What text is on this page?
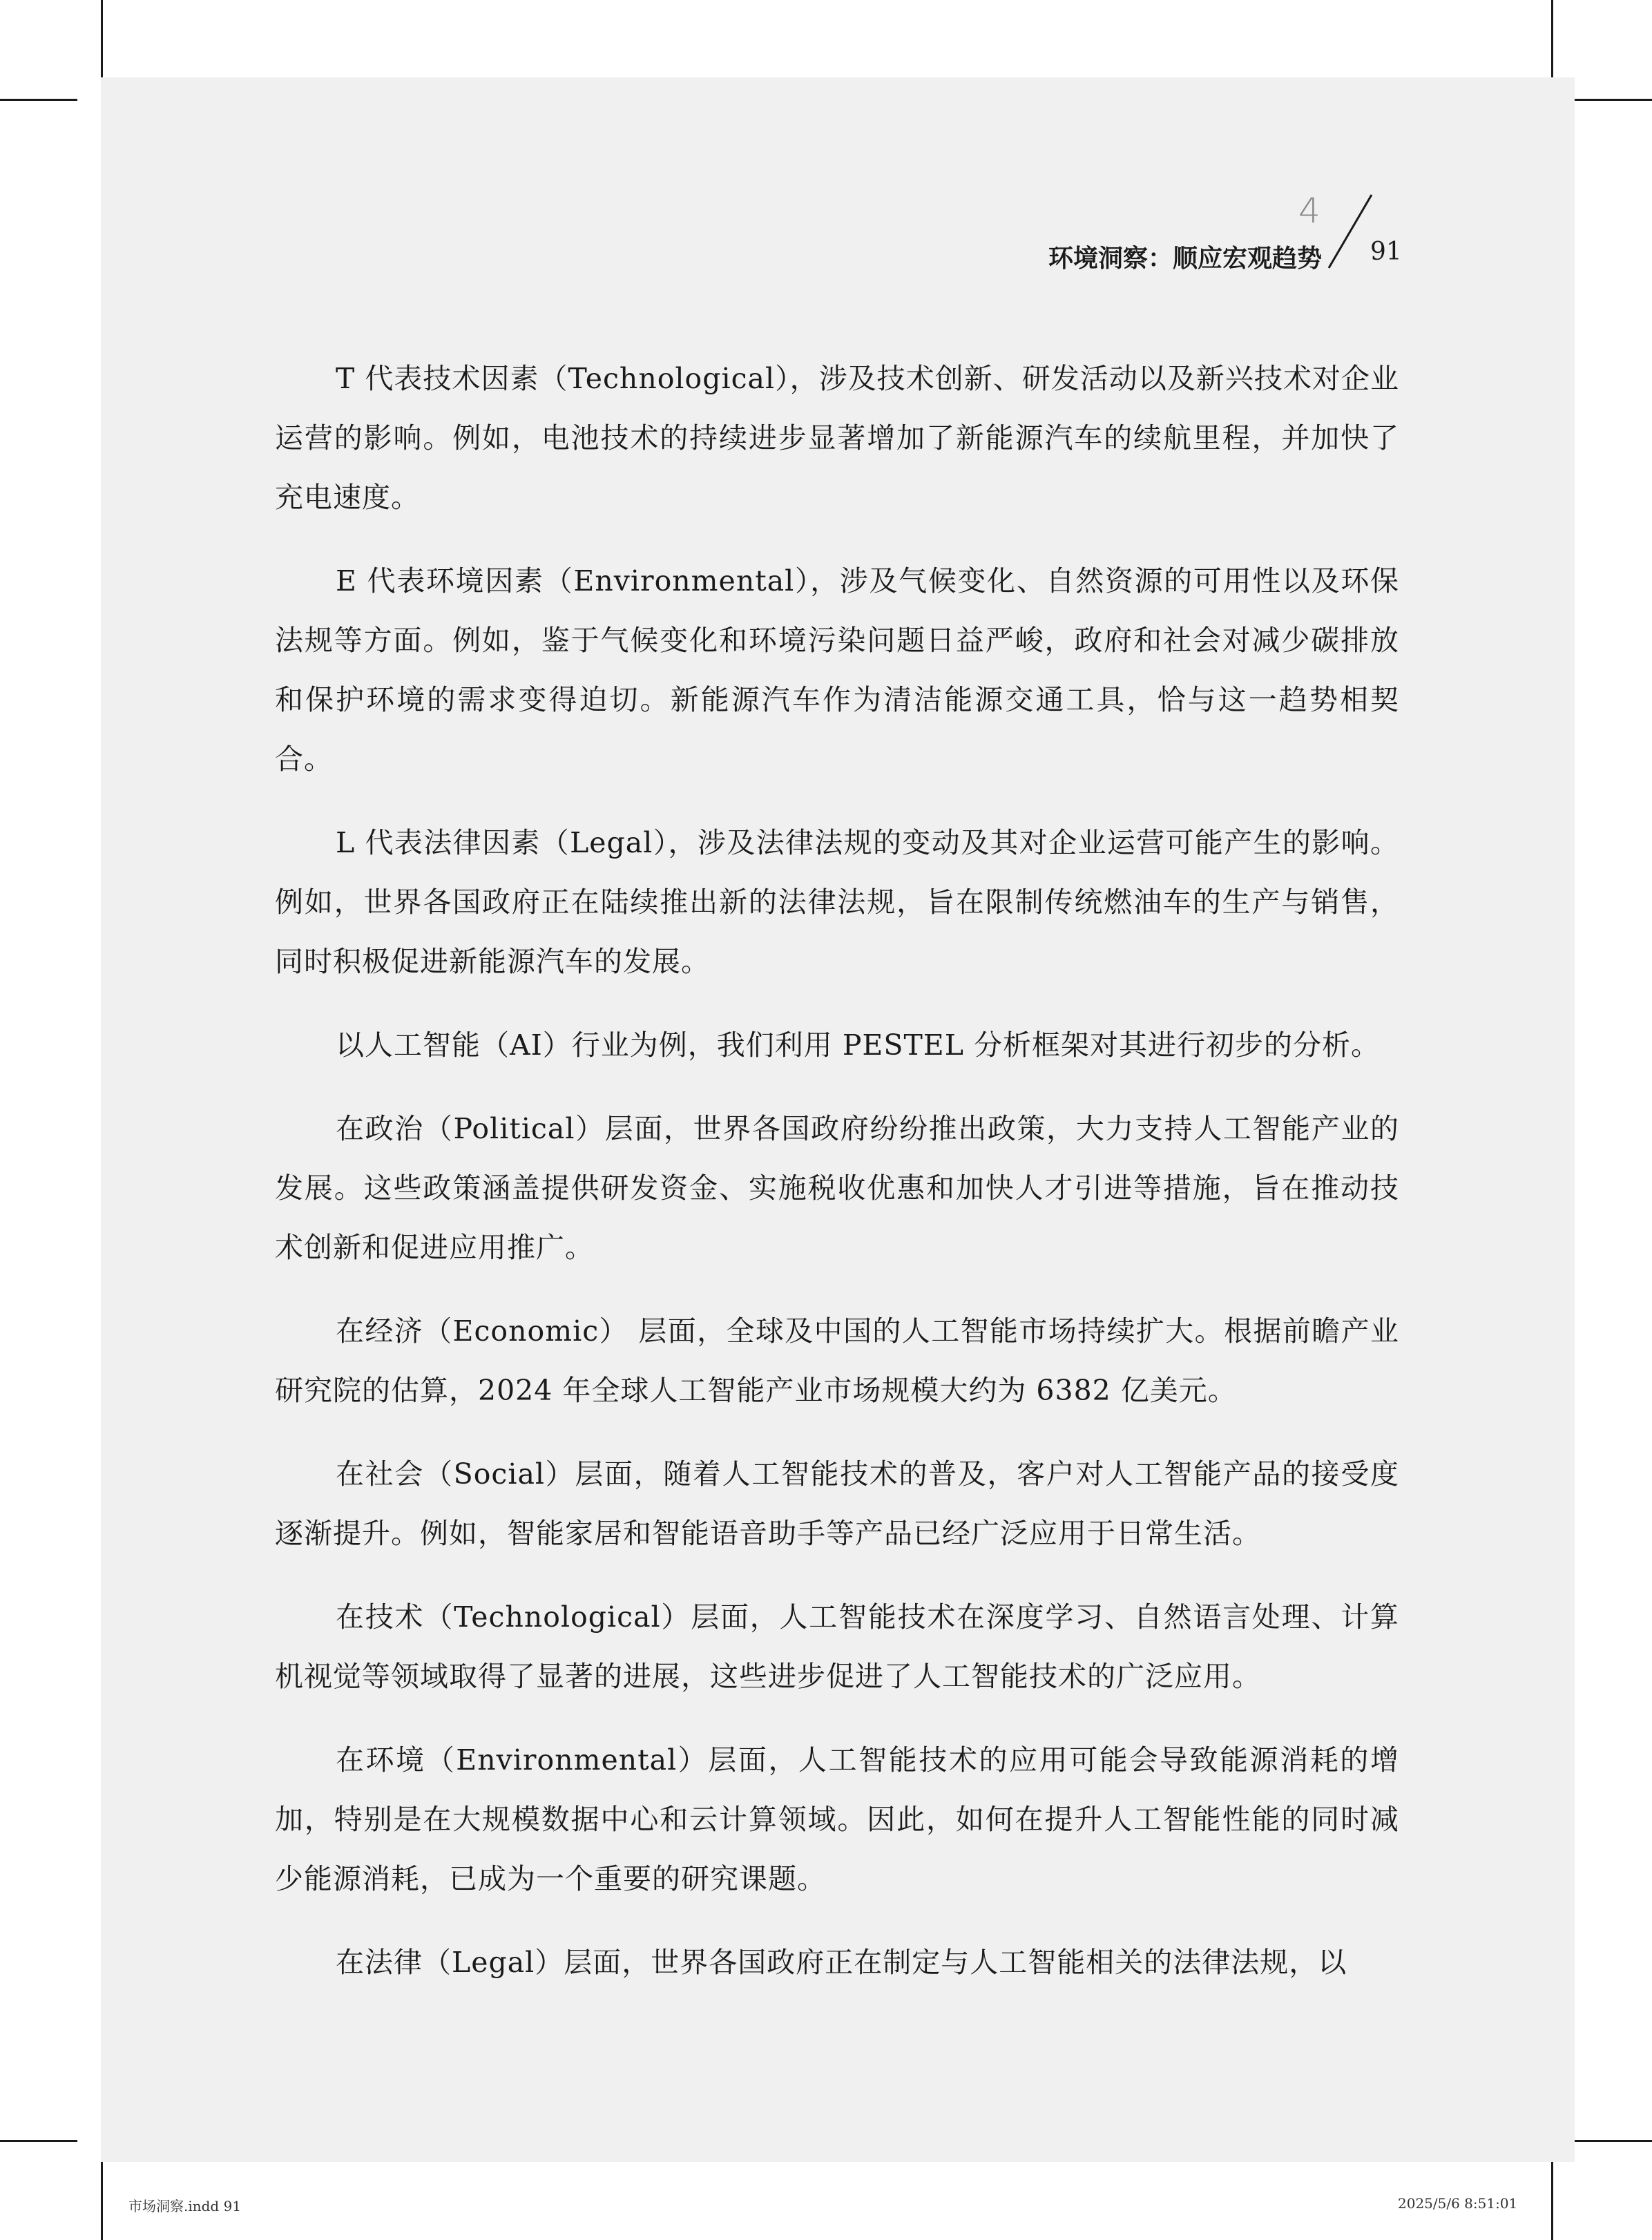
4
环境洞察：顺应宏观趋势 91

T 代表技术因素（Technological），涉及技术创新、研发活动以及新兴技术对企业运营的影响。例如，电池技术的持续进步显著增加了新能源汽车的续航里程，并加快了充电速度。

E 代表环境因素（Environmental），涉及气候变化、自然资源的可用性以及环保法规等方面。例如，鉴于气候变化和环境污染问题日益严峻，政府和社会对减少碳排放和保护环境的需求变得迫切。新能源汽车作为清洁能源交通工具，恰与这一趋势相契合。

L 代表法律因素（Legal），涉及法律法规的变动及其对企业运营可能产生的影响。例如，世界各国政府正在陆续推出新的法律法规，旨在限制传统燃油车的生产与销售，同时积极促进新能源汽车的发展。

以人工智能（AI）行业为例，我们利用 PESTEL 分析框架对其进行初步的分析。

在政治（Political）层面，世界各国政府纷纷推出政策，大力支持人工智能产业的发展。这些政策涵盖提供研发资金、实施税收优惠和加快人才引进等措施，旨在推动技术创新和促进应用推广。

在经济（Economic） 层面，全球及中国的人工智能市场持续扩大。根据前瞻产业研究院的估算，2024 年全球人工智能产业市场规模大约为 6382 亿美元。

在社会（Social）层面，随着人工智能技术的普及，客户对人工智能产品的接受度逐渐提升。例如，智能家居和智能语音助手等产品已经广泛应用于日常生活。

在技术（Technological）层面，人工智能技术在深度学习、自然语言处理、计算机视觉等领域取得了显著的进展，这些进步促进了人工智能技术的广泛应用。

在环境（Environmental）层面，人工智能技术的应用可能会导致能源消耗的增加，特别是在大规模数据中心和云计算领域。因此，如何在提升人工智能性能的同时减少能源消耗，已成为一个重要的研究课题。

在法律（Legal）层面，世界各国政府正在制定与人工智能相关的法律法规，以

市场洞察.indd 91	2025/5/6 8:51:01
